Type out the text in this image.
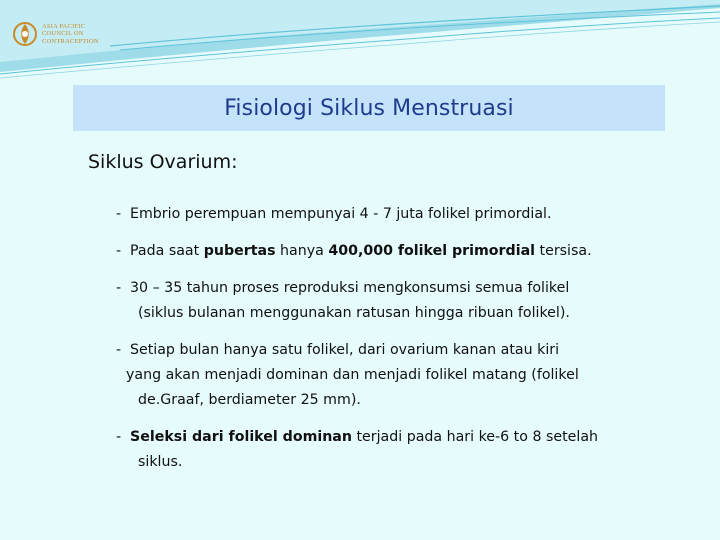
ASIA PACIFIC
COUNCIL ON
CONTRACEPTION
Fisiologi Siklus Menstruasi
Siklus Ovarium:
- Embrio perempuan mempunyai 4 - 7 juta folikel primordial.
- Pada saat pubertas hanya 400,000 folikel primordial tersisa.
- 30 – 35 tahun proses reproduksi mengkonsumsi semua folikel
(siklus bulanan menggunakan ratusan hingga ribuan folikel).
- Setiap bulan hanya satu folikel, dari ovarium kanan atau kiri
yang akan menjadi dominan dan menjadi folikel matang (folikel
de.Graaf, berdiameter 25 mm).
- Seleksi dari folikel dominan terjadi pada hari ke-6 to 8 setelah
siklus.
